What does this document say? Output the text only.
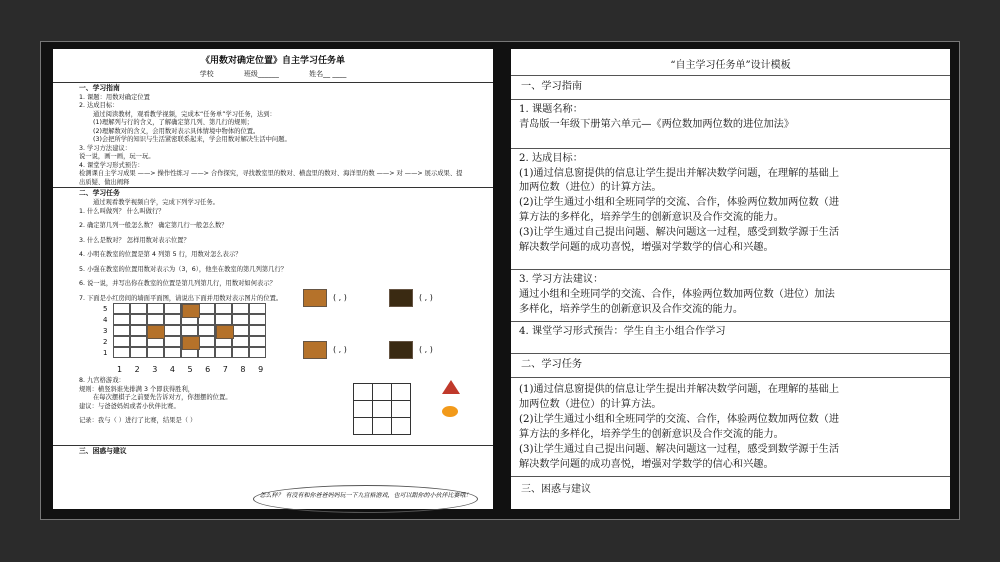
《用数对确定位置》自主学习任务单
学校	班级______	姓名__ ____
一、学习指南
1. 课题：用数对确定位置
2. 达成目标：
通过阅读教材，观看教学视频，完成本“任务单”学习任务，达到：
(1)理解列与行的含义，了解确定第几列、第几行的规则；
(2)理解数对的含义，会用数对表示具体情境中物体的位置。
(3)会把所学的知识与生活紧密联系起来，学会用数对解决生活中问题。
3. 学习方法建议：
说一说，画一画，玩一玩。
4. 课堂学习形式预告：
检测课自主学习成果 ——> 操作性练习 ——> 合作探究，寻找教室里的数对、横盘里的数对、海洋里的数 ——> 对 ——> 展示成果、提出质疑、做出阐释
二、学习任务
通过观看教学视频自学，完成下列学习任务。
1. 什么叫做列？ 什么叫做行？
2. 确定第几列一般怎么数？ 确定第几行一般怎么数？
3. 什么是数对？ 怎样用数对表示位置？
4. 小明在教室的位置是第 4 列第 5 行，用数对怎么表示？
5. 小强在教室的位置用数对表示为（3，6），他坐在教室的第几列第几行？
6. 说一说，并写出你在教室的位置是第几列第几行，用数对如何表示？
7. 下面是小红房间的墙面平面图，请说出下面并用数对表示图片的位置。
5
4
3
2
1
1 2 3 4 5 6 7 8 9
( , )	( , )
( , )	( , )
8. 九宫格游戏：
规则：横竖斜谁先排满 3 个即获得胜利，
在每次摆棋子之前要先告诉对方，你想摆的位置。
建议：与爸爸妈妈或者小伙伴比赛。
记录：我与（ ）进行了比赛，结果是（ ）
三、困惑与建议
怎么样？ 有没有和你爸爸妈妈玩一下九宫格游戏，也可以跟你的小伙伴比赛哦！
“自主学习任务单”设计模板
一、学习指南
1. 课题名称：
青岛版一年级下册第六单元—《两位数加两位数的进位加法》
2. 达成目标：
(1)通过信息窗提供的信息让学生提出并解决数学问题，在理解的基础上
加两位数（进位）的计算方法。
(2)让学生通过小组和全班同学的交流、合作，体验两位数加两位数（进
算方法的多样化，培养学生的创新意识及合作交流的能力。
(3)让学生通过自己提出问题、解决问题这一过程，感受到数学源于生活
解决数学问题的成功喜悦，增强对学数学的信心和兴趣。
3. 学习方法建议：
通过小组和全班同学的交流、合作，体验两位数加两位数（进位）加法
多样化，培养学生的创新意识及合作交流的能力。
4. 课堂学习形式预告：学生自主小组合作学习
二、学习任务
(1)通过信息窗提供的信息让学生提出并解决数学问题，在理解的基础上
加两位数（进位）的计算方法。
(2)让学生通过小组和全班同学的交流、合作，体验两位数加两位数（进
算方法的多样化，培养学生的创新意识及合作交流的能力。
(3)让学生通过自己提出问题、解决问题这一过程，感受到数学源于生活
解决数学问题的成功喜悦，增强对学数学的信心和兴趣。
三、困惑与建议
